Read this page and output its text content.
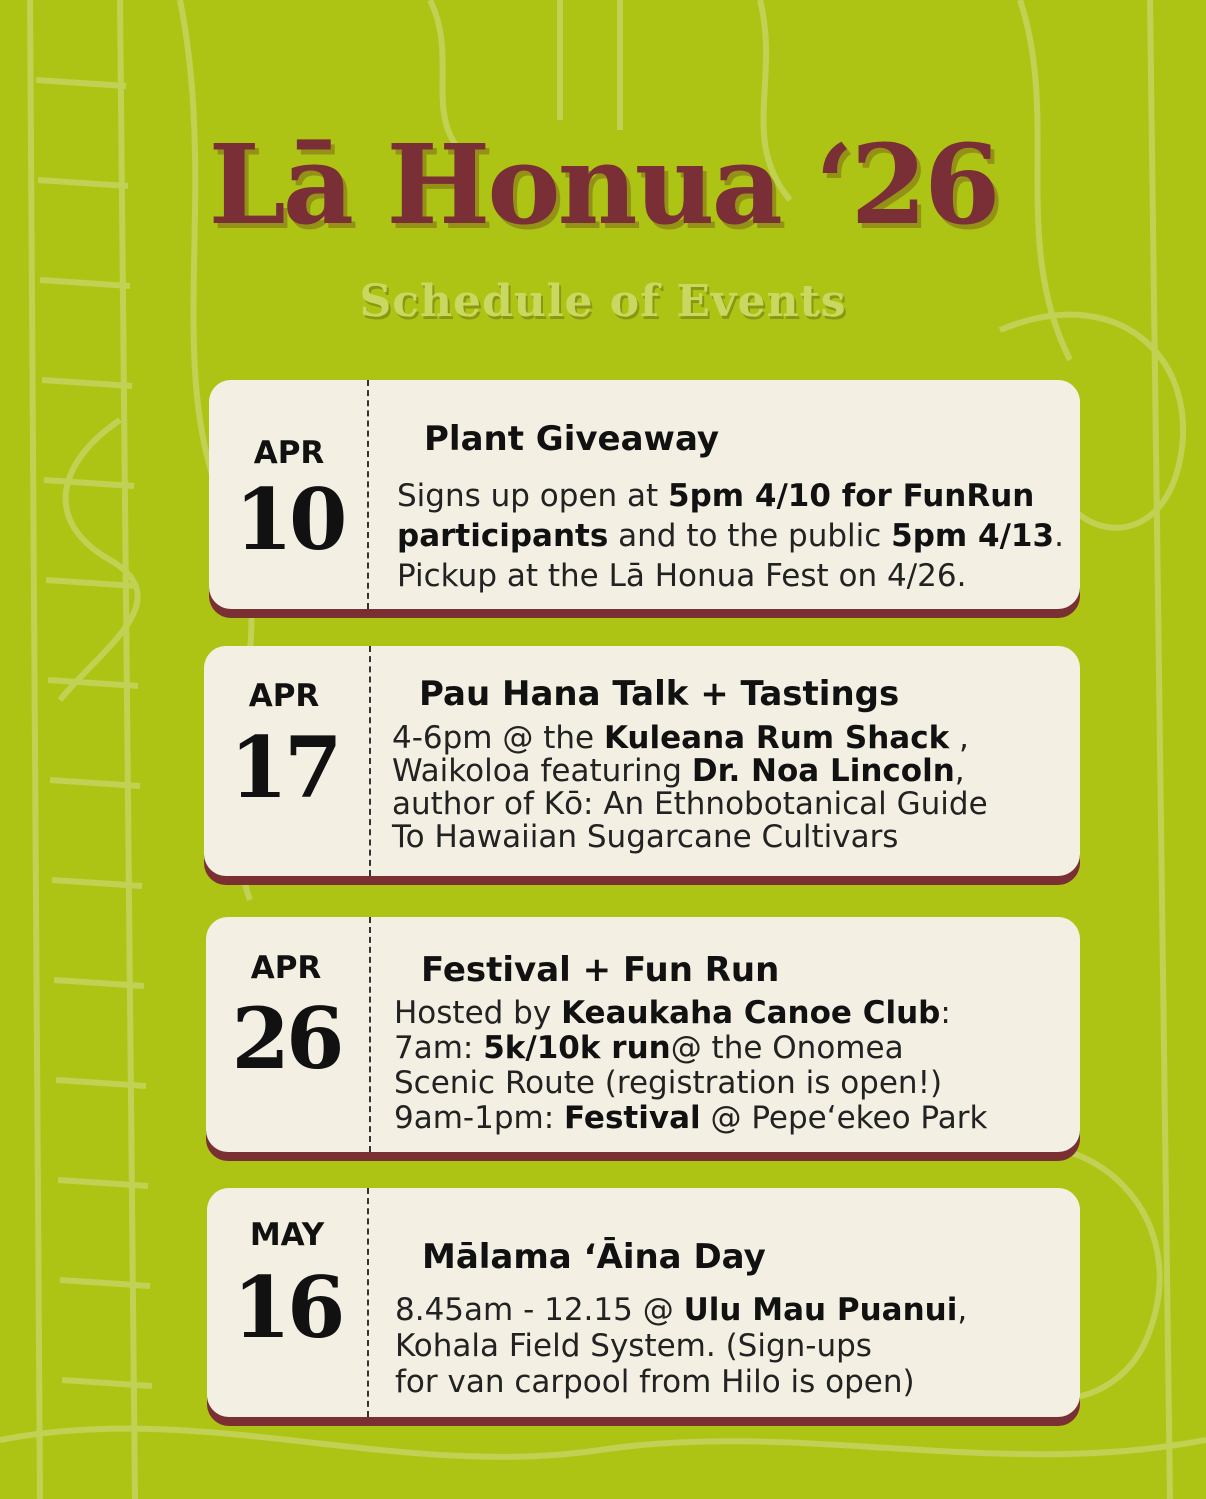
Lā Honua ‘26
Schedule of Events
APR
10
Plant Giveaway
Signs up open at 5pm 4/10 for FunRun
participants and to the public 5pm 4/13.
Pickup at the Lā Honua Fest on 4/26.
APR
17
Pau Hana Talk + Tastings
4-6pm @ the Kuleana Rum Shack ,
Waikoloa featuring Dr. Noa Lincoln,
author of Kō: An Ethnobotanical Guide
To Hawaiian Sugarcane Cultivars
APR
26
Festival + Fun Run
Hosted by Keaukaha Canoe Club:
7am: 5k/10k run@ the Onomea
Scenic Route (registration is open!)
9am-1pm: Festival @ Pepe‘ekeo Park
MAY
16
Mālama ‘Āina Day
8.45am - 12.15 @ Ulu Mau Puanui,
Kohala Field System. (Sign-ups
for van carpool from Hilo is open)
